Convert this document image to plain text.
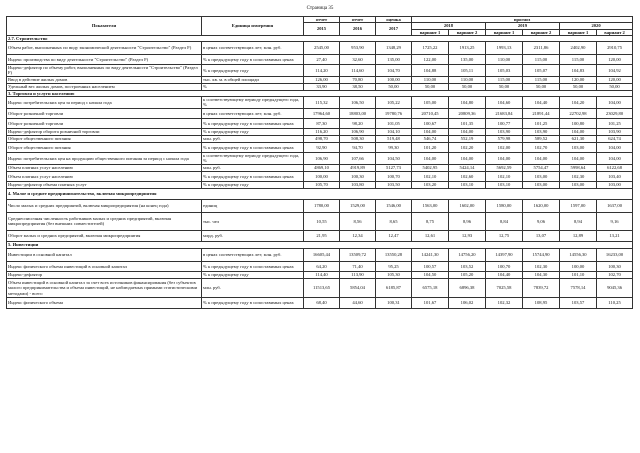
Страница 35
Показатели	Единица измерения	отчет	отчет	оценка	прогноз					
		2015	2016	2017	2018		2019		2020	
					вариант 1	вариант 2	вариант 1	вариант 2	вариант 1	вариант 2
2.7. Строительство										
Объем работ, выполненных по виду экономической деятельности "Строительство" (Раздел F)	в ценах соответствующих лет; млн. руб.	2545,00	953,90	1348,29	1725,22	1913,25	1993,13	2311,86	2402,90	2910,75
Индекс производства по виду деятельности "Строительство" (Раздел F)	% к предыдущему году в сопоставимых ценах	27,40	32,60	135,00	122,00	135,00	110,00	115,00	115,00	120,00
Индекс-дефлятор по объему работ, выполненных по виду деятельности "Строительство" (Раздел F)	% к предыдущему году	114,20	114,60	104,70	104,88	105,11	105,03	105,07	104,83	104,92
Ввод в действие жилых домов	тыс. кв. м. в общей площади	126,00	70,80	100,00	110,00	110,00	115,00	115,00	120,00	120,00
Удельный вес жилых домов, построенных населением	%	33,90	38,50	50,00	50,00	50,00	50,00	50,00	50,00	50,00
3. Торговля и услуги населению										
Индекс потребительских цен за период с начала года	к соответствующему периоду предыдущего года, %	115,32	106,50	105,22	105,00	104,80	104,60	104,40	104,20	104,00
Оборот розничной торговли	в ценах соответствующих лет; млн. руб.	17964,60	18803,00	19780,76	20710,45	20809,36	21683,84	21891,44	22702,98	23029,80
Оборот розничной торговли	% к предыдущему году в сопоставимых ценах	87,30	98,20	101,05	100,67	101,35	100,77	101,25	100,80	101,25
Индекс-дефлятор оборота розничной торговли	% к предыдущему году	116,20	106,90	104,10	104,00	104,00	103,90	103,90	104,00	103,90
Оборот общественного питания	млн. руб.	498,70	508,30	519,48	546,74	552,19	579,98	589,52	621,30	624,74
Оборот общественного питания	% к предыдущему году в сопоставимых ценах	92,90	94,70	99,30	101,20	102,20	102,00	102,70	103,00	104,00
Индекс потребительских цен на продукцию общественного питания за период с начала года	к соответствующему периоду предыдущего года, %	106,90	107,66	104,50	104,00	104,00	104,00	104,00	104,00	104,00
Объем платных услуг населению	млн. руб.	4869,10	4919,89	5127,73	5402,95	5424,14	5692,59	5754,47	5998,64	6122,68
Объем платных услуг населению	% к предыдущему году в сопоставимых ценах	100,00	100,30	100,70	102,10	102,60	102,10	103,00	102,30	103,40
Индекс-дефлятор объема платных услуг	% к предыдущему году	105,70	103,80	103,50	103,20	103,10	103,10	103,00	103,00	103,00
4. Малое и среднее предпринимательство, включая микропредприятия										
Число малых и средних предприятий, включая микропредприятия (на конец года)	единиц	1780,00	1529,00	1546,00	1563,00	1602,00	1580,00	1620,00	1597,00	1637,00
Среднесписочная численность работников малых и средних предприятий, включая микропредприятия (без внешних совместителей)	тыс. чел	10,55	8,56	8,65	8,75	8,96	8,84	9,06	8,94	9,16
Оборот малых и средних предприятий, включая микропредприятия	млрд. руб.	21,95	12,34	12,47	12,61	12,93	12,75	13,07	12,89	13,21
5. Инвестиции										
Инвестиции в основной капитал	в ценах соответствующих лет; млн. руб.	16605,44	13509,72	13550,28	14241,30	14756,20	14397,90	15744,90	14556,30	16233,00
Индекс физического объема инвестиций в основной капитал	% к предыдущему году в сопоставимых ценах	64,20	71,40	95,25	100,57	103,52	100,70	102,30	100,00	100,30
Индекс-дефлятор	% к предыдущему году	114,40	113,90	105,30	104,50	105,20	104,40	104,30	101,10	102,70
Объем инвестиций в основной капитал за счет всех источников финансирования (без субъектов малого предпринимательства и объема инвестиций, не наблюдаемых прямыми статистическими методами) - всего	млн. руб.	11513,65	5854,04	6185,87	6575,18	6896,38	7025,58	7839,72	7578,14	9045,36
Индекс физического объема	% к предыдущему году в сопоставимых ценах	68,40	44,60	100,31	101,67	106,02	102,32	108,95	103,57	110,25
